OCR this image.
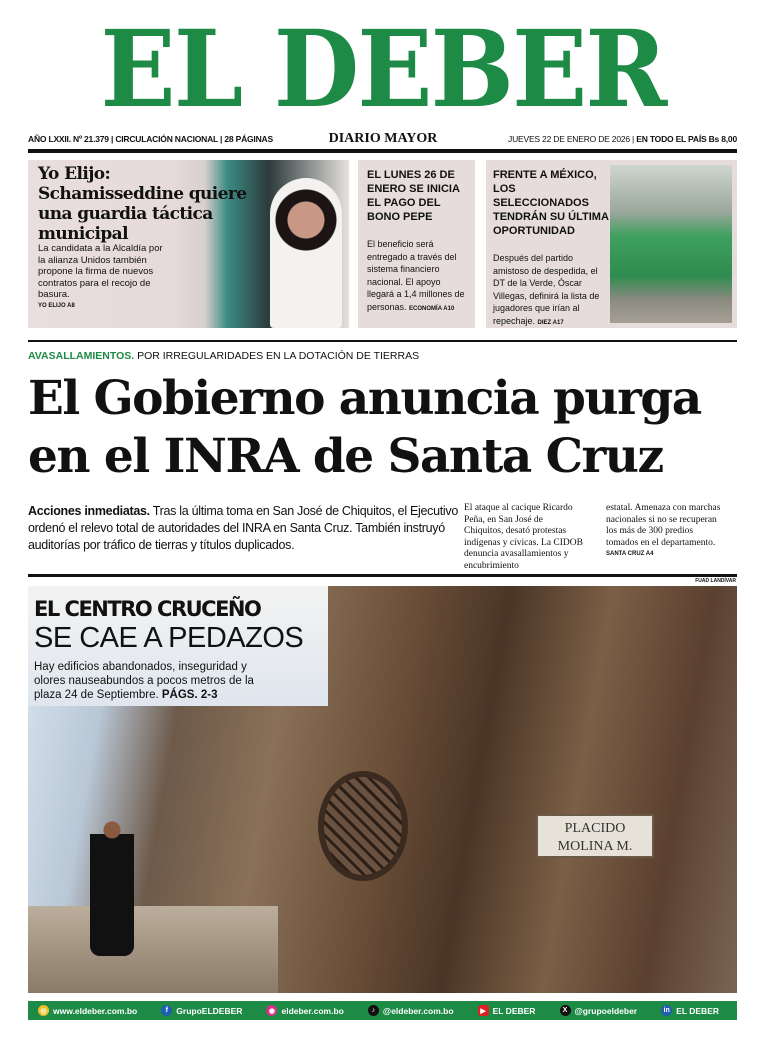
EL DEBER
AÑO LXXII. Nº 21.379 | CIRCULACIÓN NACIONAL | 28 PÁGINAS	DIARIO MAYOR	JUEVES 22 DE ENERO DE 2026 | EN TODO EL PAÍS Bs 8,00
Yo Elijo: Schamisseddine quiere una guardia táctica municipal
La candidata a la Alcaldía por la alianza Unidos también propone la firma de nuevos contratos para el recojo de basura.
YO ELIJO A8
EL LUNES 26 DE ENERO SE INICIA EL PAGO DEL BONO PEPE
El beneficio será entregado a través del sistema financiero nacional. El apoyo llegará a 1,4 millones de personas. ECONOMÍA A10
FRENTE A MÉXICO, LOS SELECCIONADOS TENDRÁN SU ÚLTIMA OPORTUNIDAD
Después del partido amistoso de despedida, el DT de la Verde, Óscar Villegas, definirá la lista de jugadores que irían al repechaje. DIEZ A17
AVASALLAMIENTOS. POR IRREGULARIDADES EN LA DOTACIÓN DE TIERRAS
El Gobierno anuncia purga
en el INRA de Santa Cruz
Acciones inmediatas. Tras la última toma en San José de Chiquitos, el Ejecutivo ordenó el relevo total de autoridades del INRA en Santa Cruz. También instruyó auditorías por tráfico de tierras y títulos duplicados.
El ataque al cacique Ricardo Peña, en San José de Chiquitos, desató protestas indígenas y cívicas. La CIDOB denuncia avasallamientos y encubrimiento
estatal. Amenaza con marchas nacionales si no se recuperan los más de 300 predios tomados en el departamento.
SANTA CRUZ A4
FUAD LANDÍVAR
PLACIDO MOLINA M.
EL CENTRO CRUCEÑO
SE CAE A PEDAZOS
Hay edificios abandonados, inseguridad y olores nauseabundos a pocos metros de la plaza 24 de Septiembre. PÁGS. 2-3
◎ www.eldeber.com.bo	f GrupoELDEBER	◉ eldeber.com.bo	♪ @eldeber.com.bo	▶ EL DEBER	X @grupoeldeber	in EL DEBER
